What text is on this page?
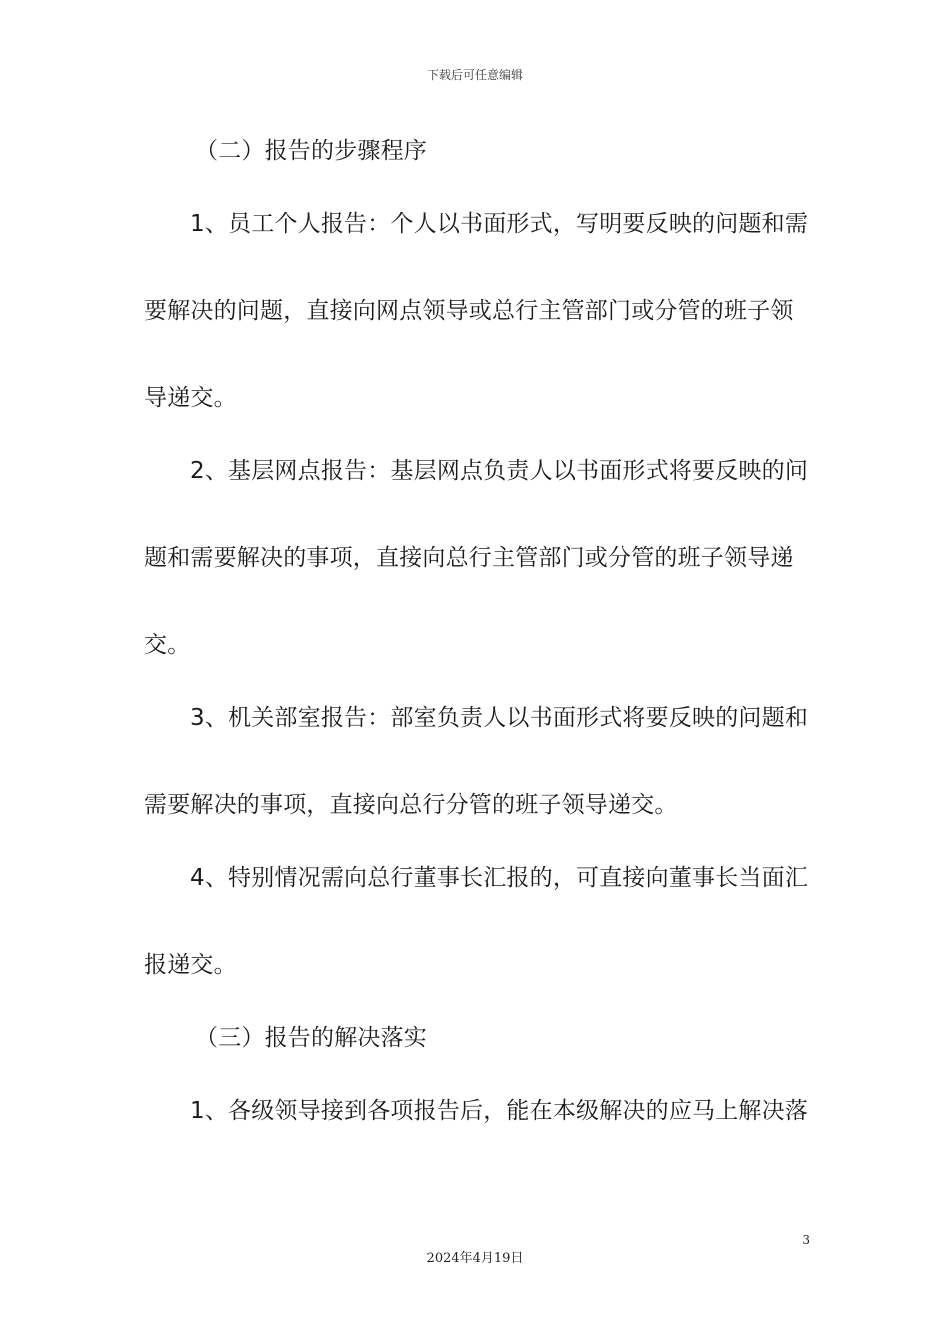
下载后可任意编辑
（二）报告的步骤程序
1、员工个人报告：个人以书面形式，写明要反映的问题和需
要解决的问题，直接向网点领导或总行主管部门或分管的班子领
导递交。
2、基层网点报告：基层网点负责人以书面形式将要反映的问
题和需要解决的事项，直接向总行主管部门或分管的班子领导递
交。
3、机关部室报告：部室负责人以书面形式将要反映的问题和
需要解决的事项，直接向总行分管的班子领导递交。
4、特别情况需向总行董事长汇报的，可直接向董事长当面汇
报递交。
（三）报告的解决落实
1、各级领导接到各项报告后，能在本级解决的应马上解决落
3
2024年4月19日
